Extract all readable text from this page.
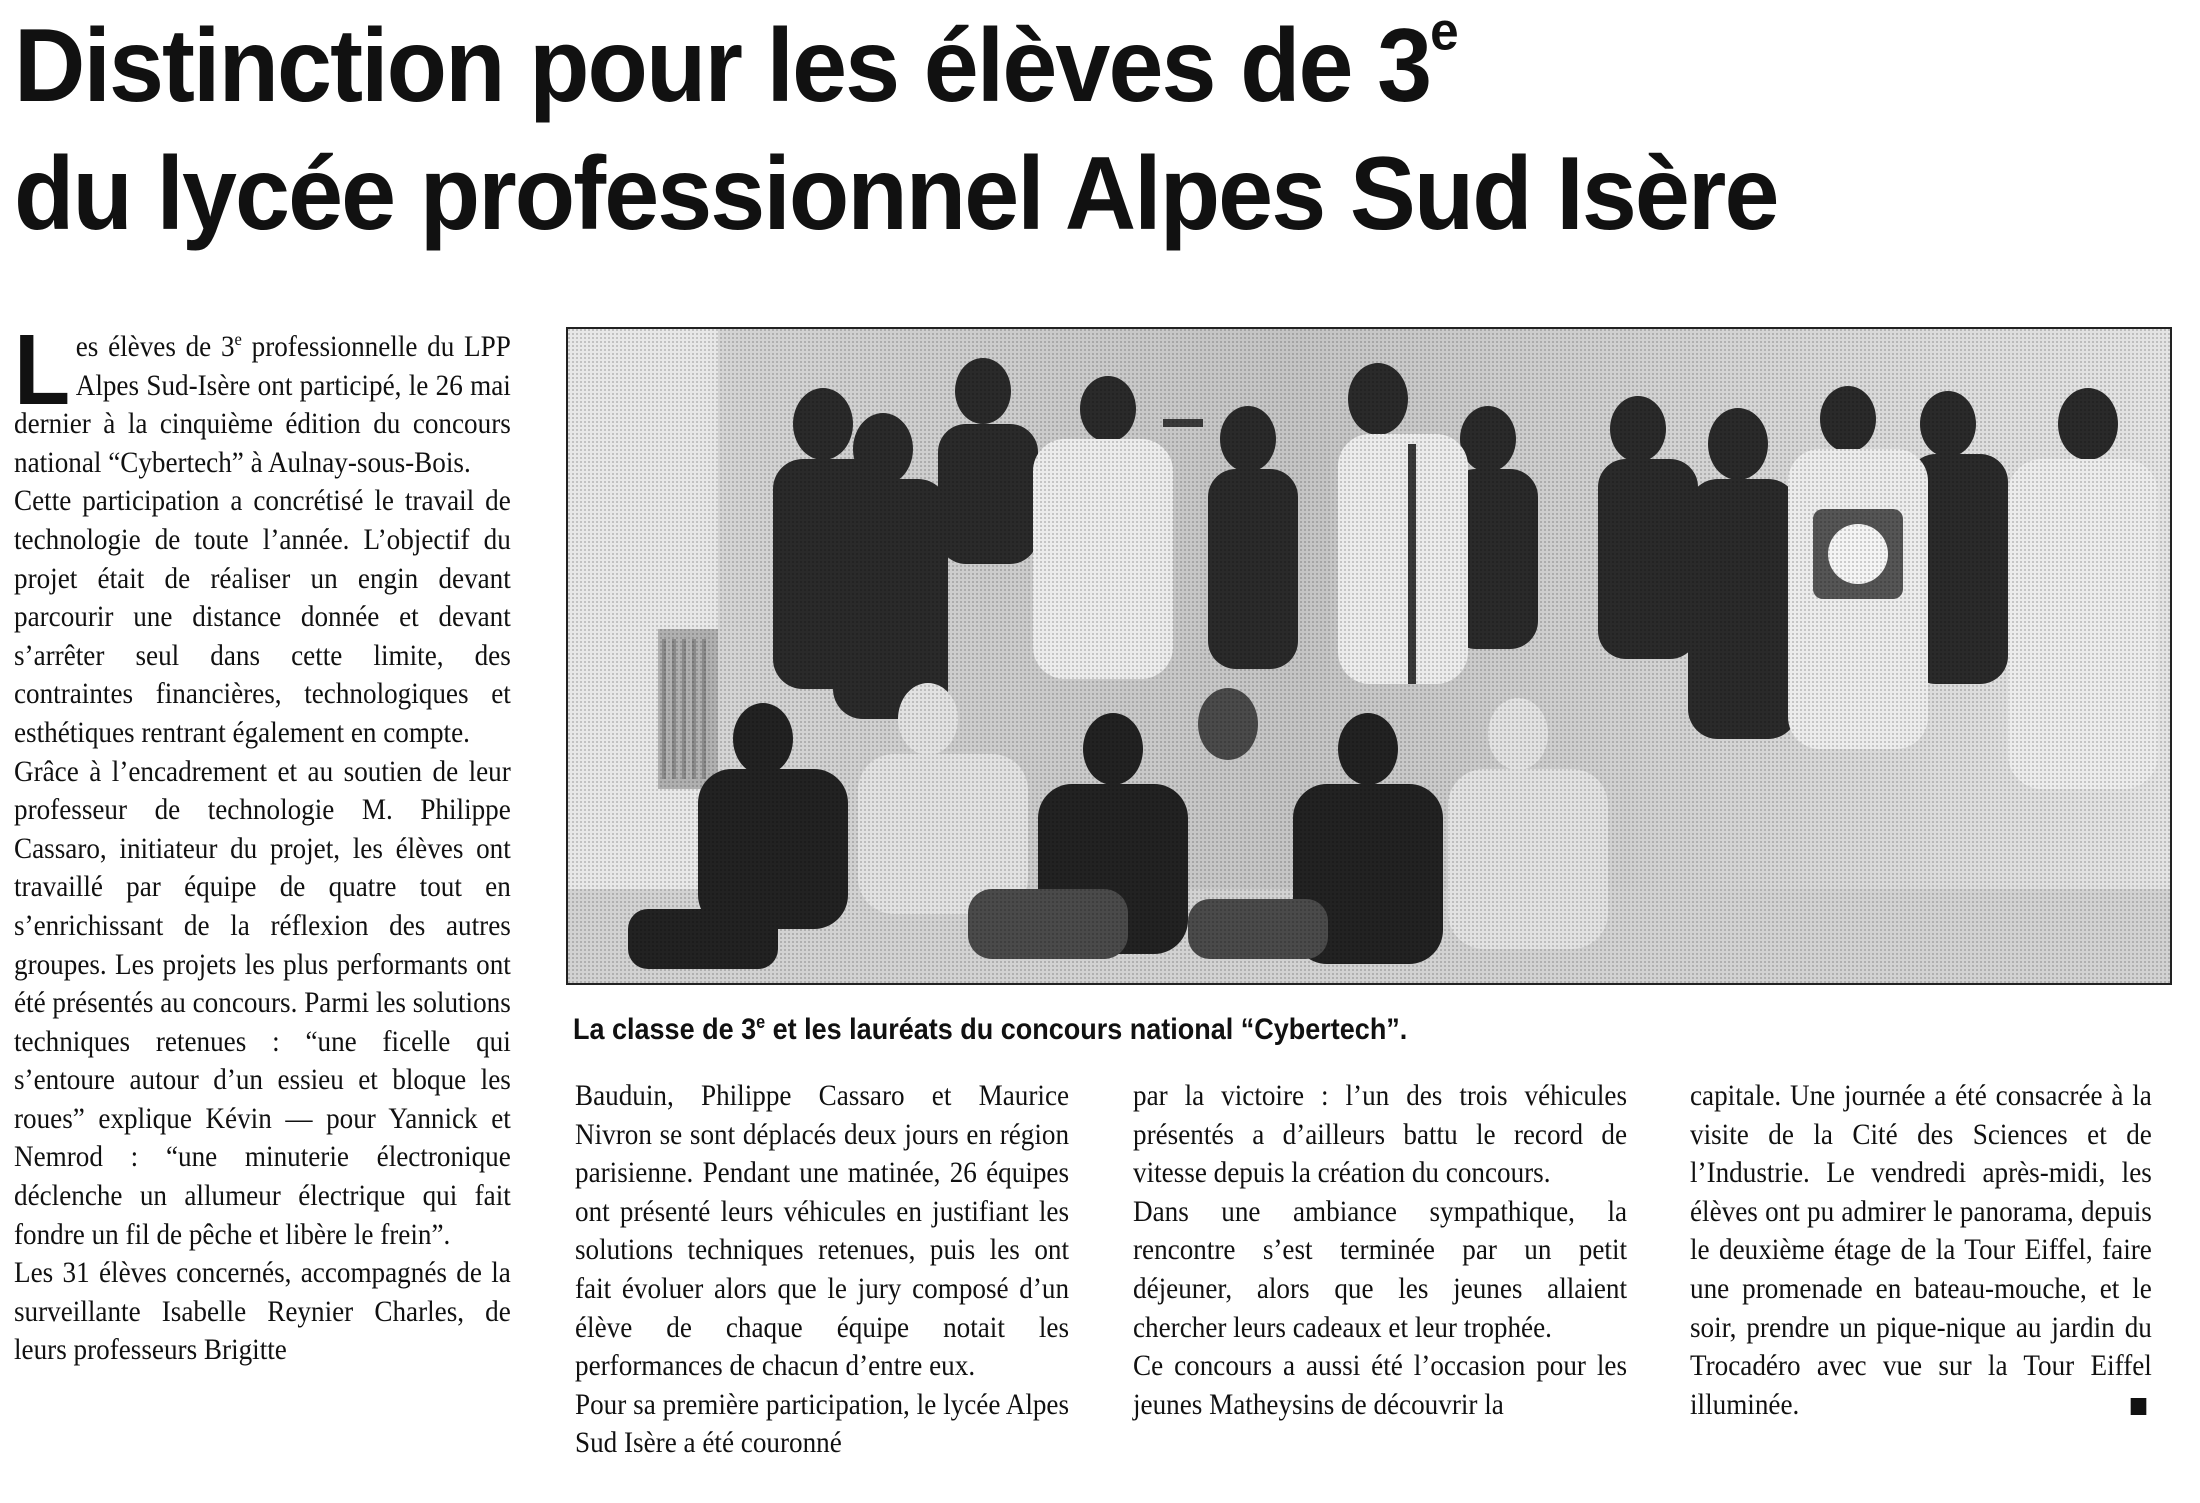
Distinction pour les élèves de 3e
du lycée professionnel Alpes Sud Isère

Les élèves de 3e professionnelle du LPP Alpes Sud-Isère ont participé, le 26 mai dernier à la cinquième édition du concours national “Cybertech” à Aulnay-sous-Bois.

Cette participation a concrétisé le travail de technologie de toute l’année. L’objectif du projet était de réaliser un engin devant parcourir une distance donnée et devant s’arrêter seul dans cette limite, des contraintes financières, technologiques et esthétiques rentrant également en compte.

Grâce à l’encadrement et au soutien de leur professeur de technologie M. Philippe Cassaro, initiateur du projet, les élèves ont travaillé par équipe de quatre tout en s’enrichissant de la réflexion des autres groupes. Les projets les plus performants ont été présentés au concours. Parmi les solutions techniques retenues : “une ficelle qui s’entoure autour d’un essieu et bloque les roues” explique Kévin — pour Yannick et Nemrod : “une minuterie électronique déclenche un allumeur électrique qui fait fondre un fil de pêche et libère le frein”.

Les 31 élèves concernés, accompagnés de la surveillante Isabelle Reynier Charles, de leurs professeurs Brigitte

La classe de 3e et les lauréats du concours national “Cybertech”.

Bauduin, Philippe Cassaro et Maurice Nivron se sont déplacés deux jours en région parisienne. Pendant une matinée, 26 équipes ont présenté leurs véhicules en justifiant les solutions techniques retenues, puis les ont fait évoluer alors que le jury composé d’un élève de chaque équipe notait les performances de chacun d’entre eux.

Pour sa première participation, le lycée Alpes Sud Isère a été couronné

par la victoire : l’un des trois véhicules présentés a d’ailleurs battu le record de vitesse depuis la création du concours.

Dans une ambiance sympathique, la rencontre s’est terminée par un petit déjeuner, alors que les jeunes allaient chercher leurs cadeaux et leur trophée.

Ce concours a aussi été l’occasion pour les jeunes Matheysins de découvrir la

capitale. Une journée a été consacrée à la visite de la Cité des Sciences et de l’Industrie. Le vendredi après-midi, les élèves ont pu admirer le panorama, depuis le deuxième étage de la Tour Eiffel, faire une promenade en bateau-mouche, et le soir, prendre un pique-nique au jardin du Trocadéro avec vue sur la Tour Eiffel illuminée.
